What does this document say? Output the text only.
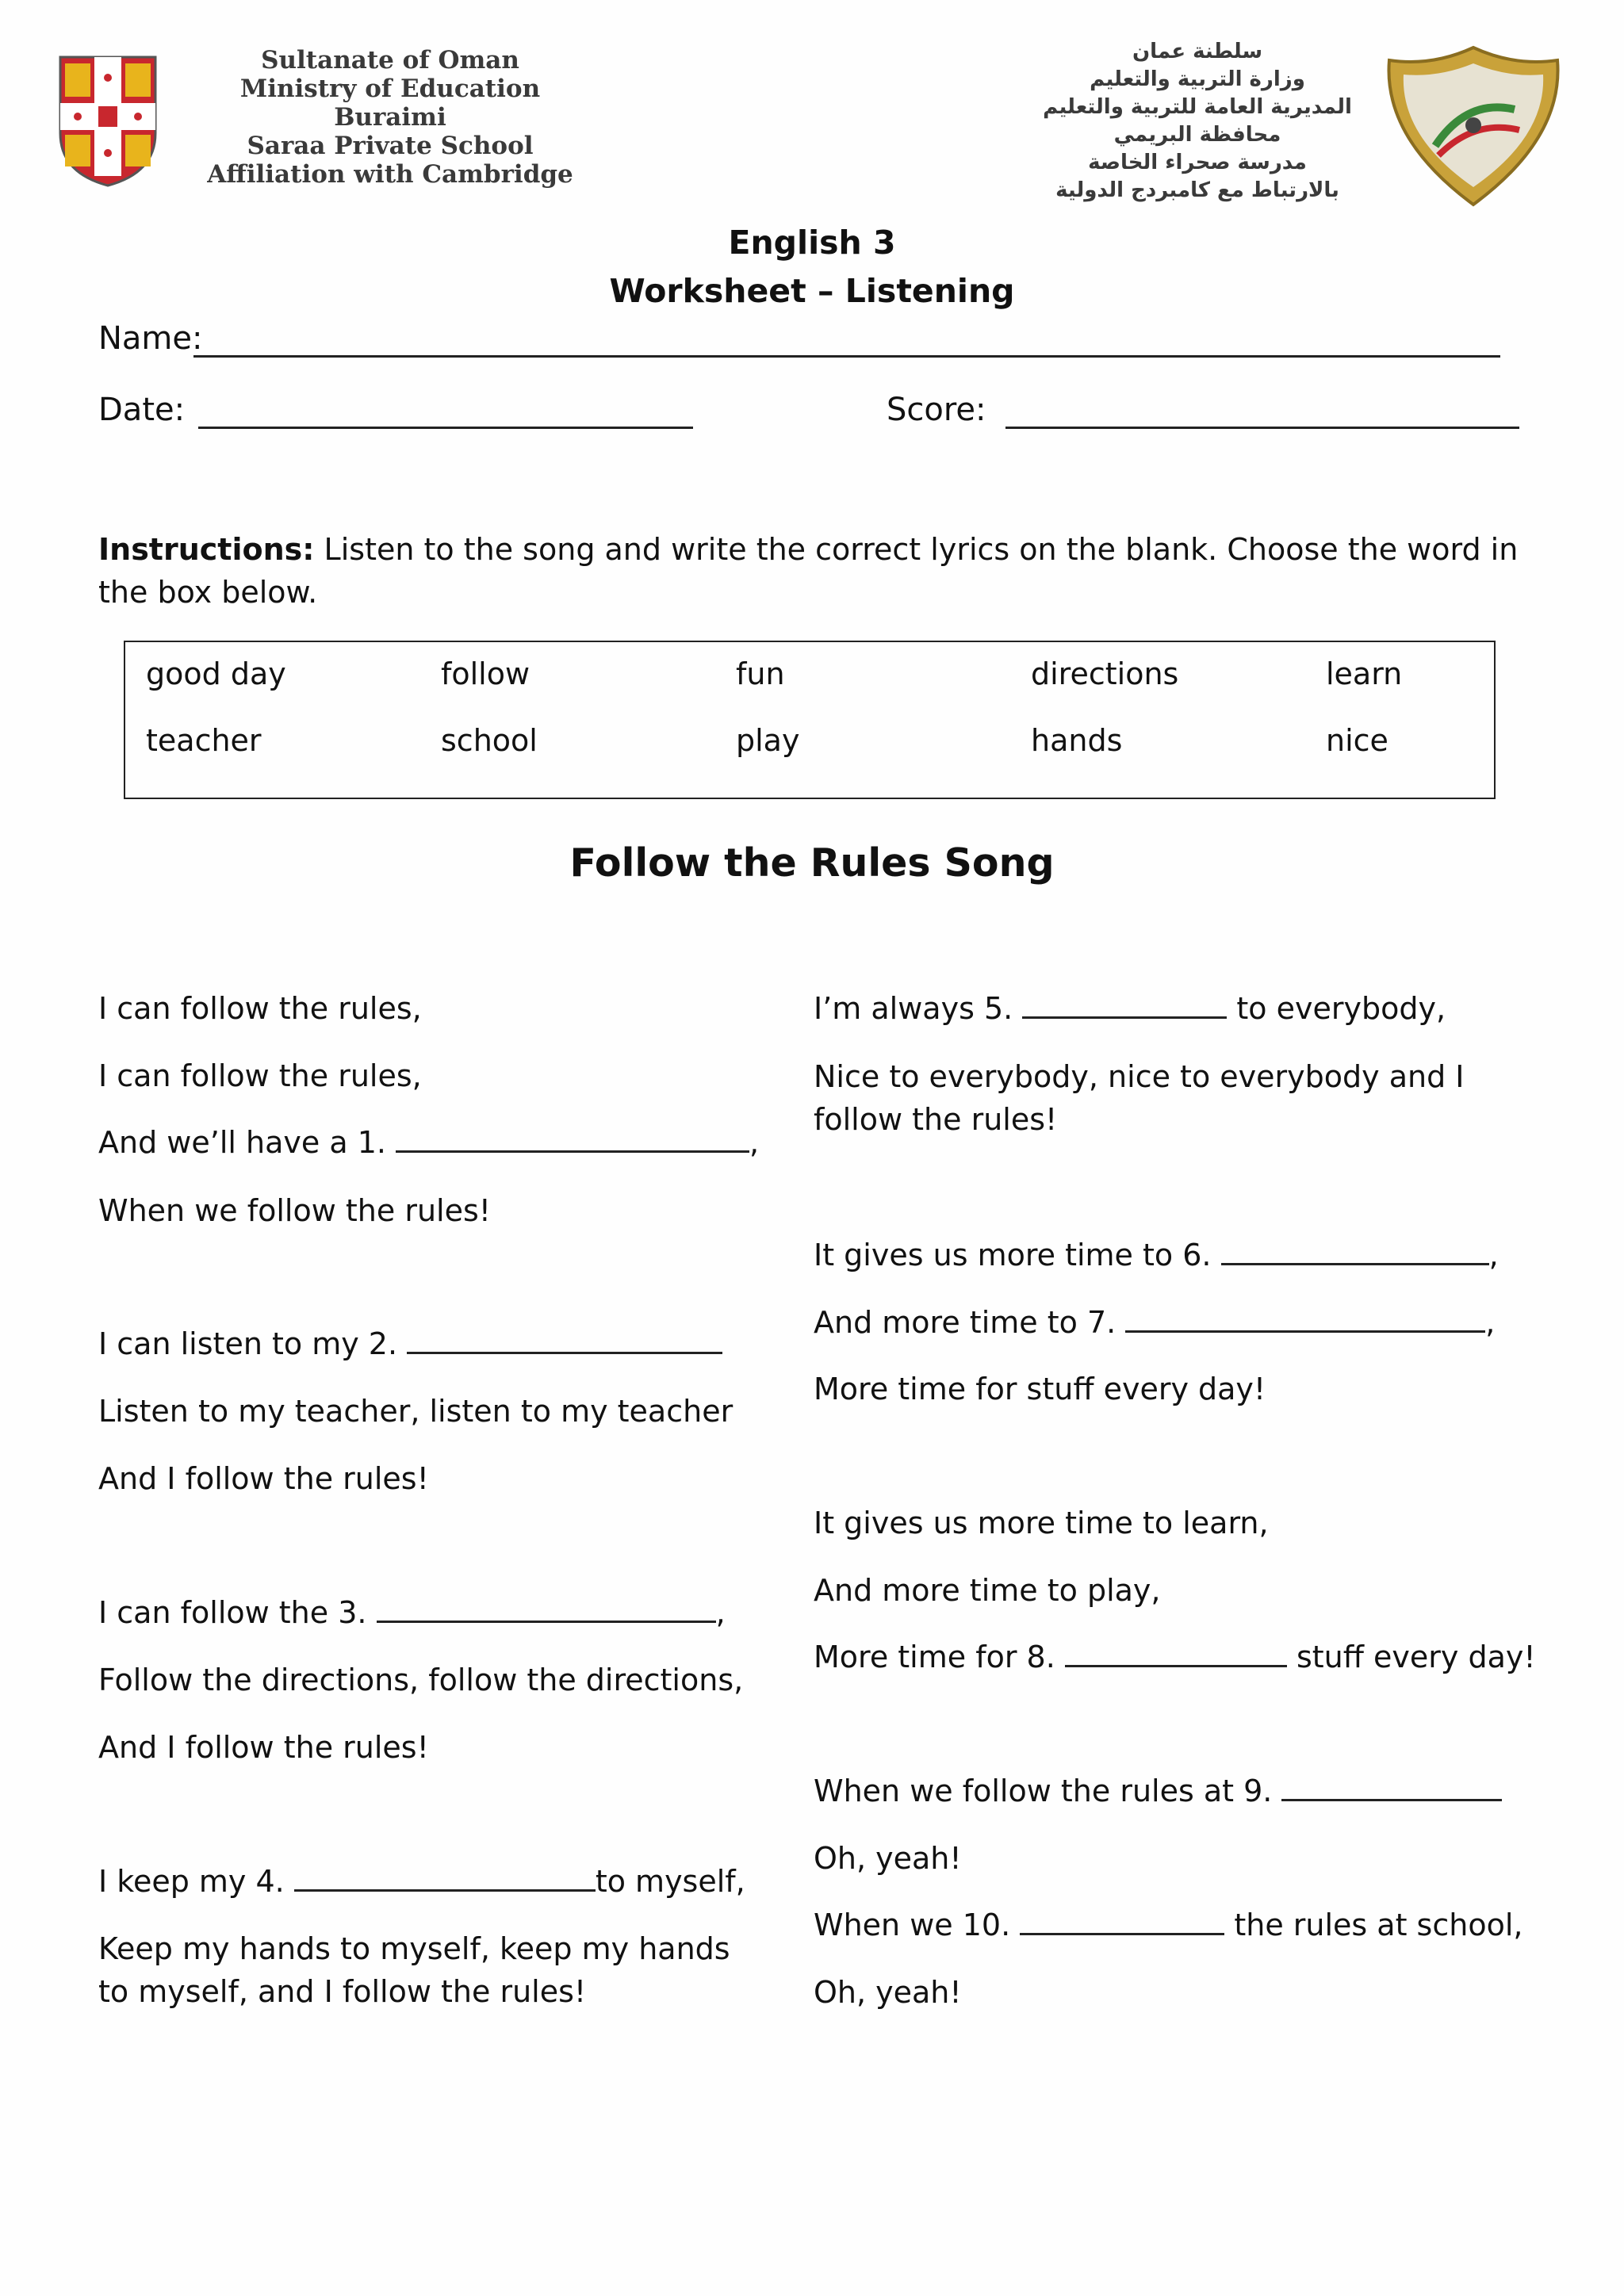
Sultanate of Oman
Ministry of Education
Buraimi
Saraa Private School
Affiliation with Cambridge
سلطنة عمان
وزارة التربية والتعليم
المديرية العامة للتربية والتعليم
محافظة البريمي
مدرسة صحراء الخاصة
بالارتباط مع كامبردج الدولية
English 3
Worksheet – Listening
Name:
Date:	Score:
Instructions: Listen to the song and write the correct lyrics on the blank. Choose the word in the box below.
good day	follow	fun	directions	learn
teacher	school	play	hands	nice
Follow the Rules Song
I can follow the rules,
I can follow the rules,
And we’ll have a 1.	,
When we follow the rules!
I can listen to my 2.
Listen to my teacher, listen to my teacher
And I follow the rules!
I can follow the 3.	,
Follow the directions, follow the directions,
And I follow the rules!
I keep my 4.	to myself,
Keep my hands to myself, keep my hands to myself, and I follow the rules!
I’m always 5.	to everybody,
Nice to everybody, nice to everybody and I follow the rules!
It gives us more time to 6.	,
And more time to 7.	,
More time for stuff every day!
It gives us more time to learn,
And more time to play,
More time for 8.	stuff every day!
When we follow the rules at 9.
Oh, yeah!
When we 10.	the rules at school,
Oh, yeah!
